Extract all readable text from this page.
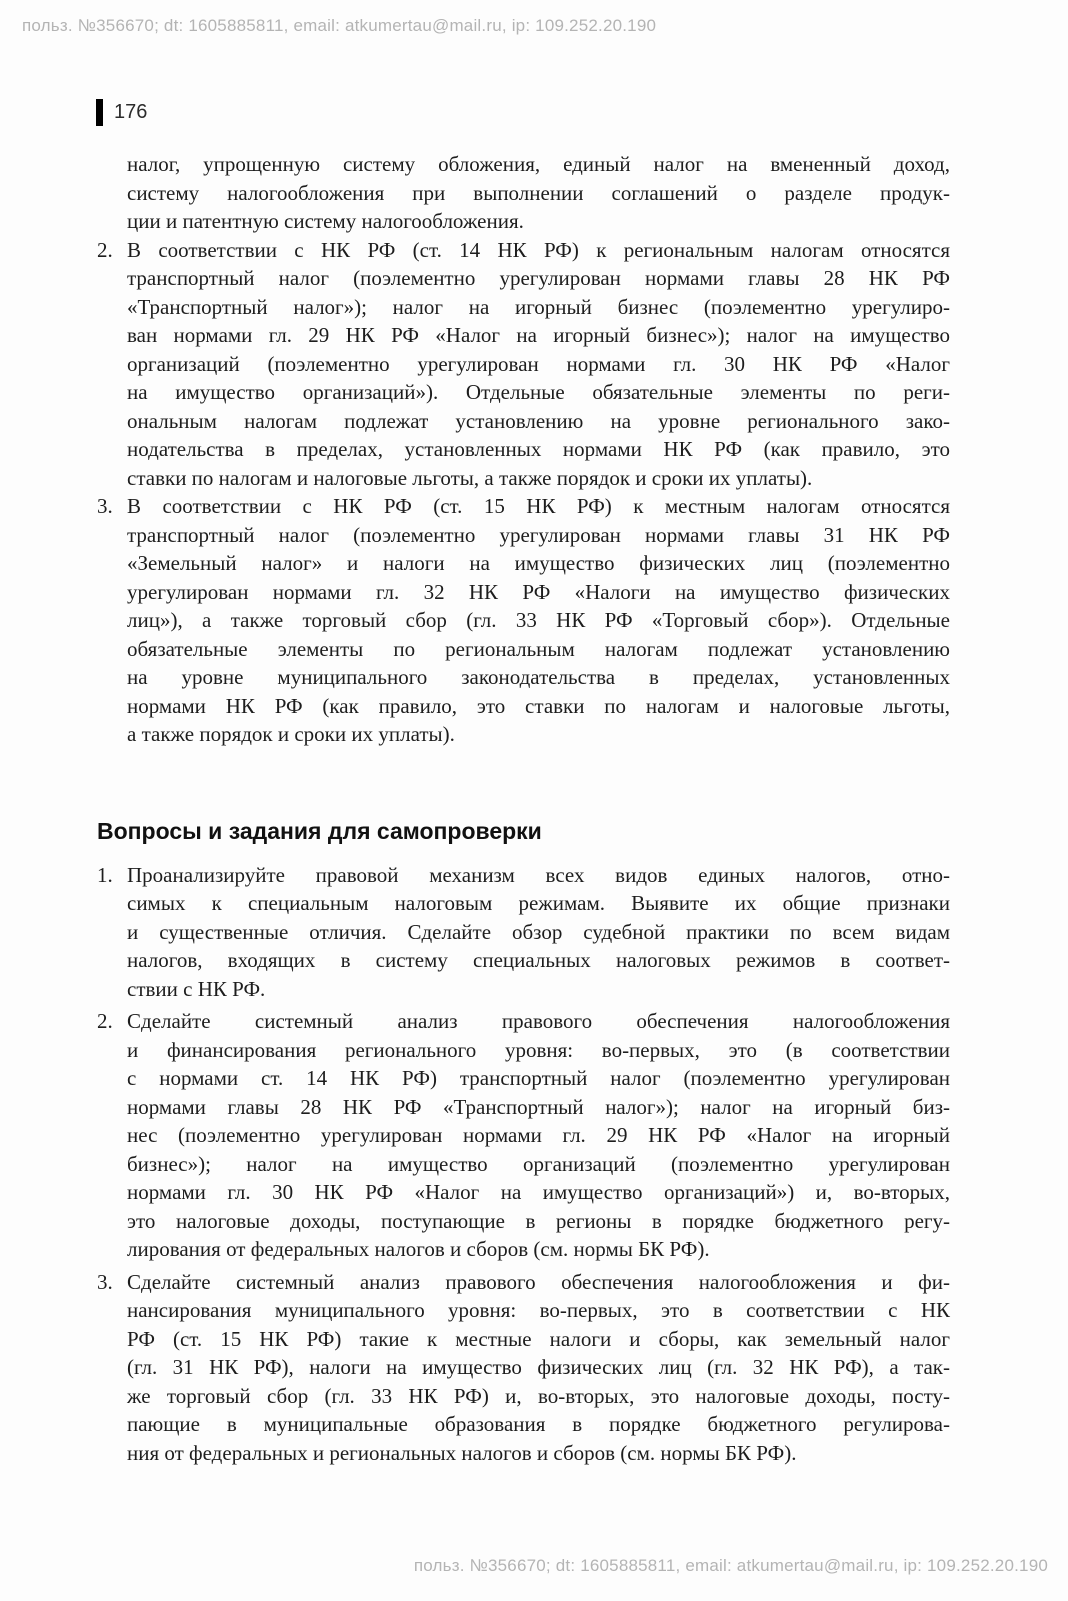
польз. №356670; dt: 1605885811, email: atkumertau@mail.ru, ip: 109.252.20.190
176
налог, упрощенную систему обложения, единый налог на вмененный доход,
систему налогообложения при выполнении соглашений о разделе продук-
ции и патентную систему налогообложения.
2. В соответствии с НК РФ (ст. 14 НК РФ) к региональным налогам относятся
транспортный налог (поэлементно урегулирован нормами главы 28 НК РФ
«Транспортный налог»); налог на игорный бизнес (поэлементно урегулиро-
ван нормами гл. 29 НК РФ «Налог на игорный бизнес»); налог на имущество
организаций (поэлементно урегулирован нормами гл. 30 НК РФ «Налог
на имущество организаций»). Отдельные обязательные элементы по реги-
ональным налогам подлежат установлению на уровне регионального зако-
нодательства в пределах, установленных нормами НК РФ (как правило, это
ставки по налогам и налоговые льготы, а также порядок и сроки их уплаты).
3. В соответствии с НК РФ (ст. 15 НК РФ) к местным налогам относятся
транспортный налог (поэлементно урегулирован нормами главы 31 НК РФ
«Земельный налог» и налоги на имущество физических лиц (поэлементно
урегулирован нормами гл. 32 НК РФ «Налоги на имущество физических
лиц»), а также торговый сбор (гл. 33 НК РФ «Торговый сбор»). Отдельные
обязательные элементы по региональным налогам подлежат установлению
на уровне муниципального законодательства в пределах, установленных
нормами НК РФ (как правило, это ставки по налогам и налоговые льготы,
а также порядок и сроки их уплаты).
Вопросы и задания для самопроверки
1. Проанализируйте правовой механизм всех видов единых налогов, отно-
симых к специальным налоговым режимам. Выявите их общие признаки
и существенные отличия. Сделайте обзор судебной практики по всем видам
налогов, входящих в систему специальных налоговых режимов в соответ-
ствии с НК РФ.
2. Сделайте системный анализ правового обеспечения налогообложения
и финансирования регионального уровня: во-первых, это (в соответствии
с нормами ст. 14 НК РФ) транспортный налог (поэлементно урегулирован
нормами главы 28 НК РФ «Транспортный налог»); налог на игорный биз-
нес (поэлементно урегулирован нормами гл. 29 НК РФ «Налог на игорный
бизнес»); налог на имущество организаций (поэлементно урегулирован
нормами гл. 30 НК РФ «Налог на имущество организаций») и, во-вторых,
это налоговые доходы, поступающие в регионы в порядке бюджетного регу-
лирования от федеральных налогов и сборов (см. нормы БК РФ).
3. Сделайте системный анализ правового обеспечения налогообложения и фи-
нансирования муниципального уровня: во-первых, это в соответствии с НК
РФ (ст. 15 НК РФ) такие к местные налоги и сборы, как земельный налог
(гл. 31 НК РФ), налоги на имущество физических лиц (гл. 32 НК РФ), а так-
же торговый сбор (гл. 33 НК РФ) и, во-вторых, это налоговые доходы, посту-
пающие в муниципальные образования в порядке бюджетного регулирова-
ния от федеральных и региональных налогов и сборов (см. нормы БК РФ).
польз. №356670; dt: 1605885811, email: atkumertau@mail.ru, ip: 109.252.20.190
